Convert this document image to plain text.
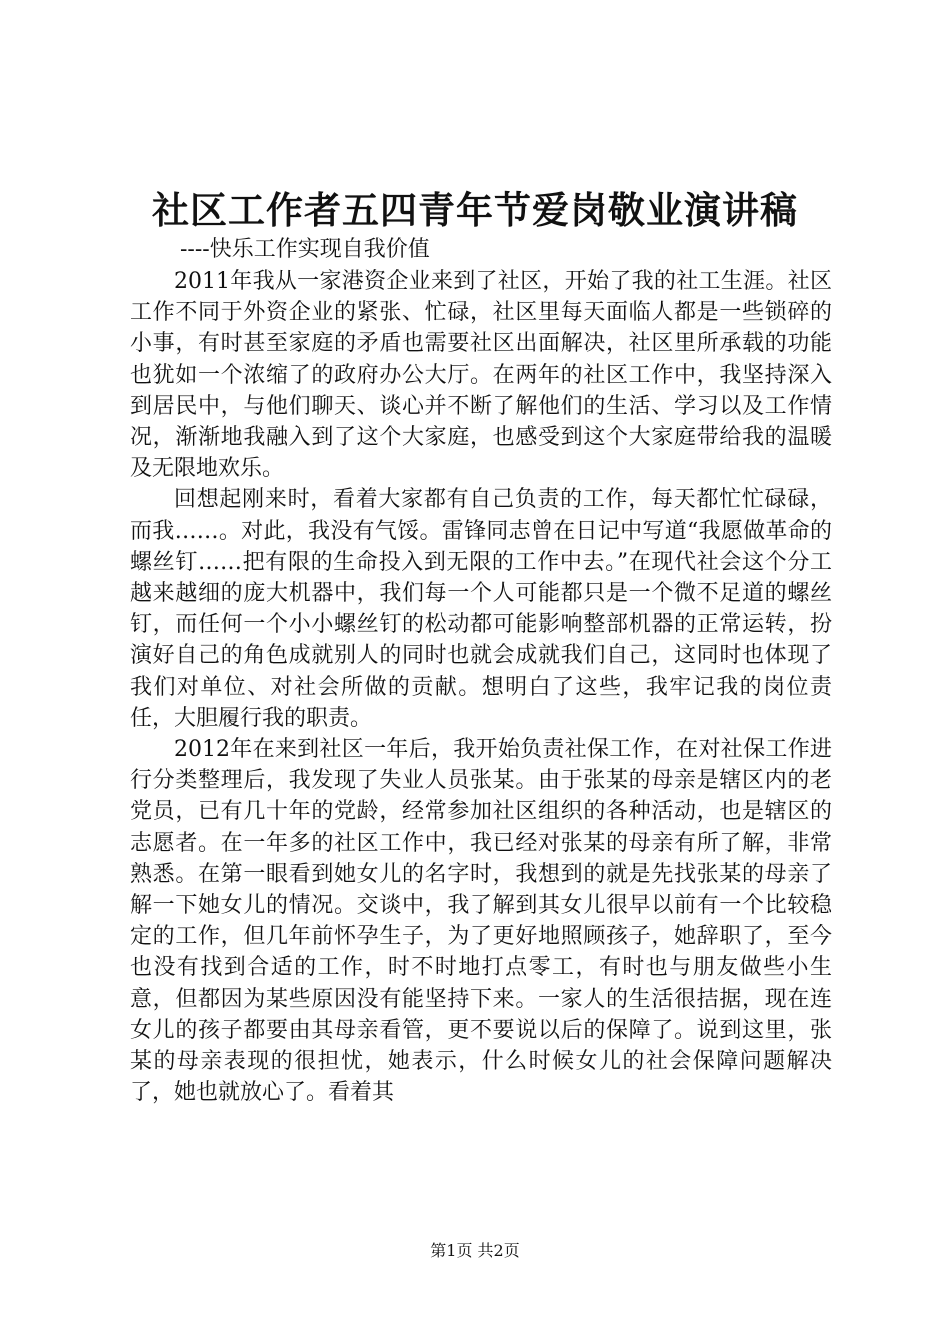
社区工作者五四青年节爱岗敬业演讲稿

----快乐工作实现自我价值

2011年我从一家港资企业来到了社区，开始了我的社工生涯。社区工作不同于外资企业的紧张、忙碌，社区里每天面临人都是一些锁碎的小事，有时甚至家庭的矛盾也需要社区出面解决，社区里所承载的功能也犹如一个浓缩了的政府办公大厅。在两年的社区工作中，我坚持深入到居民中，与他们聊天、谈心并不断了解他们的生活、学习以及工作情况，渐渐地我融入到了这个大家庭，也感受到这个大家庭带给我的温暖及无限地欢乐。

回想起刚来时，看着大家都有自己负责的工作，每天都忙忙碌碌，而我……。对此，我没有气馁。雷锋同志曾在日记中写道“我愿做革命的螺丝钉……把有限的生命投入到无限的工作中去。”在现代社会这个分工越来越细的庞大机器中，我们每一个人可能都只是一个微不足道的螺丝钉，而任何一个小小螺丝钉的松动都可能影响整部机器的正常运转，扮演好自己的角色成就别人的同时也就会成就我们自己，这同时也体现了我们对单位、对社会所做的贡献。想明白了这些，我牢记我的岗位责任，大胆履行我的职责。

2012年在来到社区一年后，我开始负责社保工作，在对社保工作进行分类整理后，我发现了失业人员张某。由于张某的母亲是辖区内的老党员，已有几十年的党龄，经常参加社区组织的各种活动，也是辖区的志愿者。在一年多的社区工作中，我已经对张某的母亲有所了解，非常熟悉。在第一眼看到她女儿的名字时，我想到的就是先找张某的母亲了解一下她女儿的情况。交谈中，我了解到其女儿很早以前有一个比较稳定的工作，但几年前怀孕生子，为了更好地照顾孩子，她辞职了，至今也没有找到合适的工作，时不时地打点零工，有时也与朋友做些小生意，但都因为某些原因没有能坚持下来。一家人的生活很拮据，现在连女儿的孩子都要由其母亲看管，更不要说以后的保障了。说到这里，张某的母亲表现的很担忧，她表示，什么时候女儿的社会保障问题解决了，她也就放心了。看着其

第1页 共2页
